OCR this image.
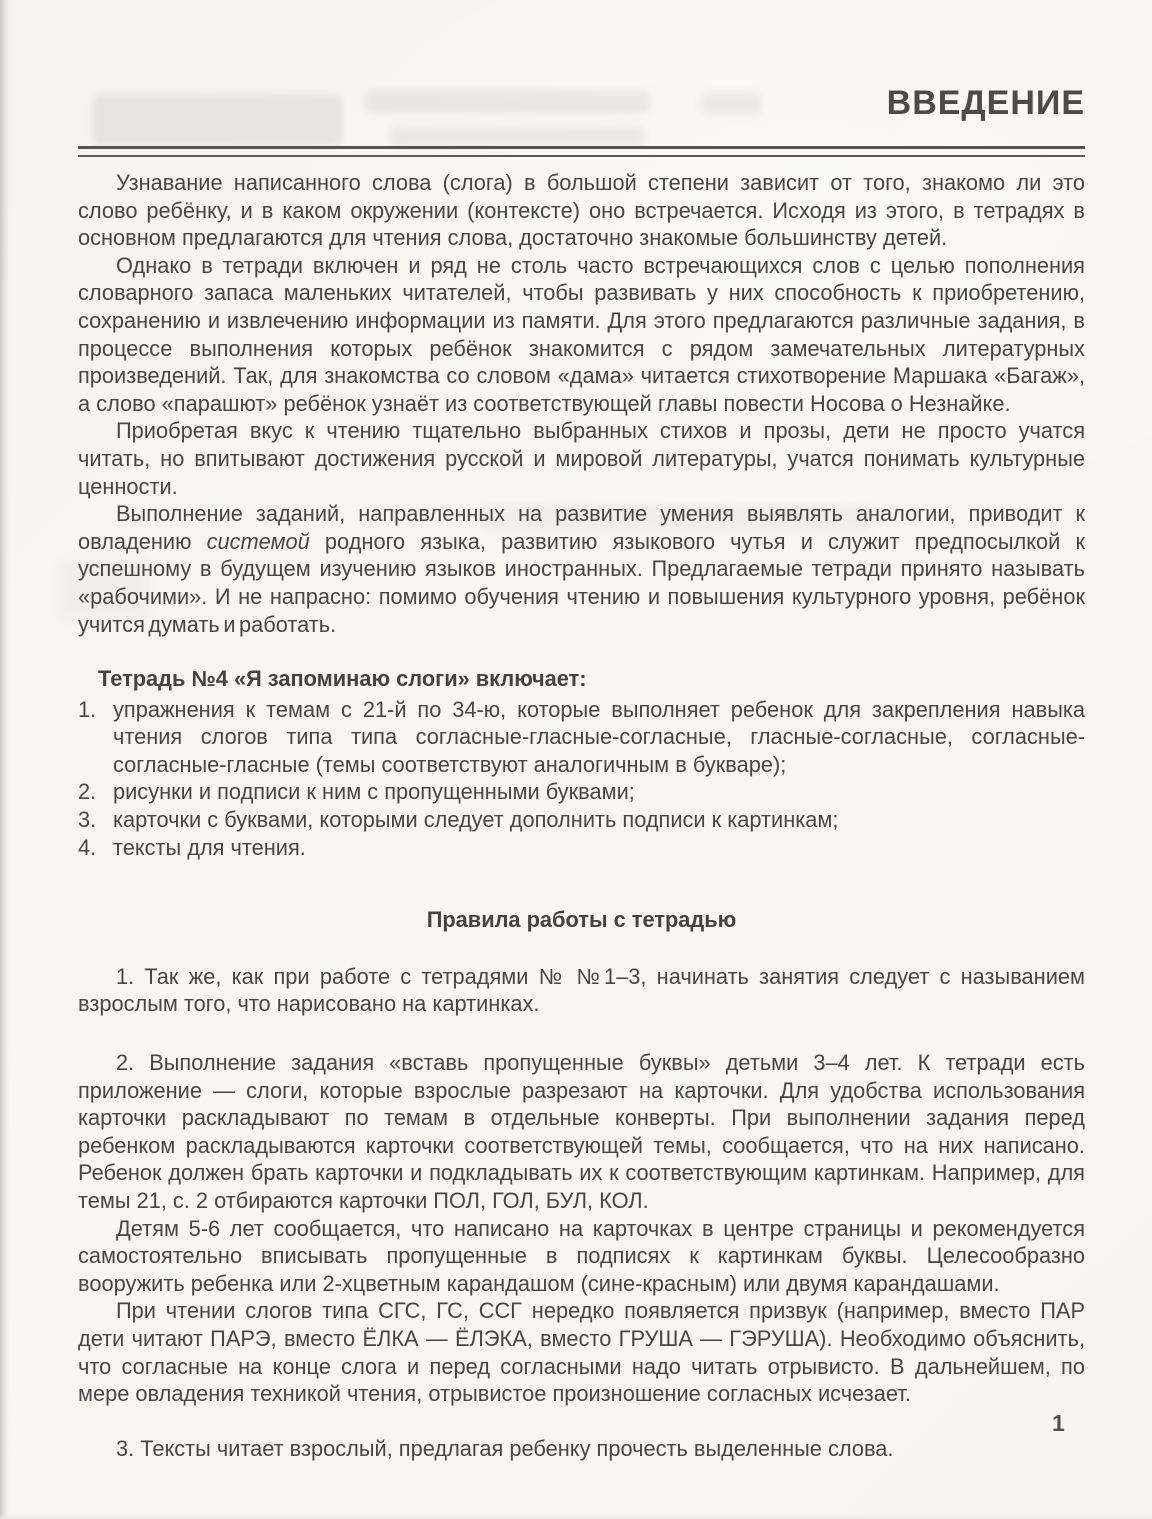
ВВЕДЕНИЕ

Узнавание написанного слова (слога) в большой степени зависит от того, знакомо ли это слово ребёнку, и в каком окружении (контексте) оно встречается. Исходя из этого, в тетрадях в основном предлагаются для чтения слова, достаточно знакомые большинству детей.

Однако в тетради включен и ряд не столь часто встречающихся слов с целью пополнения словарного запаса маленьких читателей, чтобы развивать у них способность к приобретению, сохранению и извлечению информации из памяти. Для этого предлагаются различные задания, в процессе выполнения которых ребёнок знакомится с рядом замечательных литературных произведений. Так, для знакомства со словом «дама» читается стихотворение Маршака «Багаж», а слово «парашют» ребёнок узнаёт из соответствующей главы повести Носова о Незнайке.

Приобретая вкус к чтению тщательно выбранных стихов и прозы, дети не просто учатся читать, но впитывают достижения русской и мировой литературы, учатся понимать культурные ценности.

Выполнение заданий, направленных на развитие умения выявлять аналогии, приводит к овладению системой родного языка, развитию языкового чутья и служит предпосылкой к успешному в будущем изучению языков иностранных. Предлагаемые тетради принято называть «рабочими». И не напрасно: помимо обучения чтению и повышения культурного уровня, ребёнок учится думать и работать.

Тетрадь №4 «Я запоминаю слоги» включает:
1. упражнения к темам с 21-й по 34-ю, которые выполняет ребенок для закрепления навыка чтения слогов типа типа согласные-гласные-согласные, гласные-согласные, согласные-согласные-гласные (темы соответствуют аналогичным в букваре);
2. рисунки и подписи к ним с пропущенными буквами;
3. карточки с буквами, которыми следует дополнить подписи к картинкам;
4. тексты для чтения.
Правила работы с тетрадью

1. Так же, как при работе с тетрадями № №1–3, начинать занятия следует с называнием взрослым того, что нарисовано на картинках.

2. Выполнение задания «вставь пропущенные буквы» детьми 3–4 лет. К тетради есть приложение — слоги, которые взрослые разрезают на карточки. Для удобства использования карточки раскладывают по темам в отдельные конверты. При выполнении задания перед ребенком раскладываются карточки соответствующей темы, сообщается, что на них написано. Ребенок должен брать карточки и подкладывать их к соответствующим картинкам. Например, для темы 21, с. 2 отбираются карточки ПОЛ, ГОЛ, БУЛ, КОЛ.

Детям 5-6 лет сообщается, что написано на карточках в центре страницы и рекомендуется самостоятельно вписывать пропущенные в подписях к картинкам буквы. Целесообразно вооружить ребенка или 2-хцветным карандашом (сине-красным) или двумя карандашами.

При чтении слогов типа СГС, ГС, ССГ нередко появляется призвук (например, вместо ПАР дети читают ПАРЭ, вместо ЁЛКА — ЁЛЭКА, вместо ГРУША — ГЭРУША). Необходимо объяснить, что согласные на конце слога и перед согласными надо читать отрывисто. В дальнейшем, по мере овладения техникой чтения, отрывистое произношение согласных исчезает.

3. Тексты читает взрослый, предлагая ребенку прочесть выделенные слова.

1
